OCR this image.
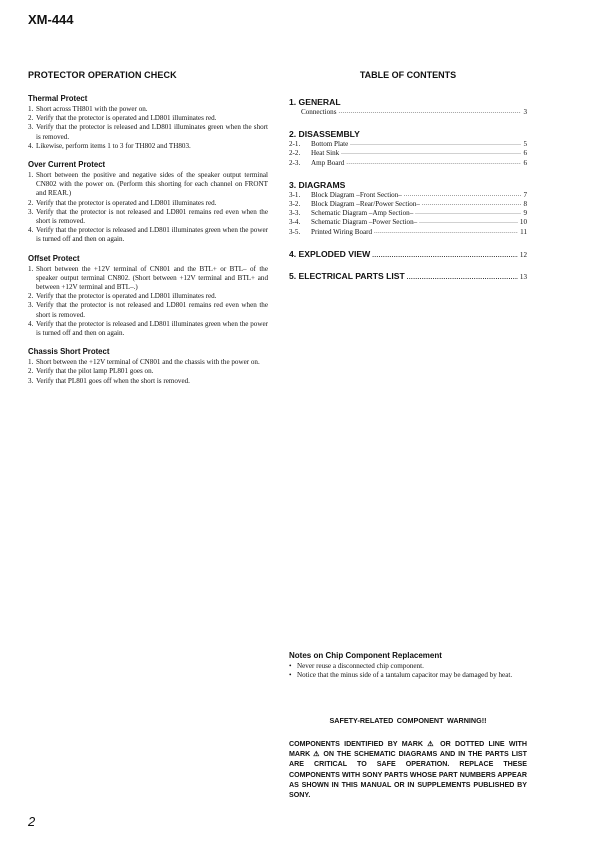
XM-444
PROTECTOR OPERATION CHECK
Thermal Protect
1. Short across TH801 with the power on.
2. Verify that the protector is operated and LD801 illuminates red.
3. Verify that the protector is released and LD801 illuminates green when the short is removed.
4. Likewise, perform items 1 to 3 for TH802 and TH803.
Over Current Protect
1. Short between the positive and negative sides of the speaker output terminal CN802 with the power on. (Perform this shorting for each channel on FRONT and REAR.)
2. Verify that the protector is operated and LD801 illuminates red.
3. Verify that the protector is not released and LD801 remains red even when the short is removed.
4. Verify that the protector is released and LD801 illuminates green when the power is turned off and then on again.
Offset Protect
1. Short between the +12V terminal of CN801 and the BTL+ or BTL– of the speaker output terminal CN802. (Short between +12V terminal and BTL+ and between +12V terminal and BTL–.)
2. Verify that the protector is operated and LD801 illuminates red.
3. Verify that the protector is not released and LD801 remains red even when the short is removed.
4. Verify that the protector is released and LD801 illuminates green when the power is turned off and then on again.
Chassis Short Protect
1. Short between the +12V terminal of CN801 and the chassis with the power on.
2. Verify that the pilot lamp PL801 goes on.
3. Verify that PL801 goes off when the short is removed.
TABLE OF CONTENTS
1. GENERAL
Connections .....	3
2. DISASSEMBLY
2-1.	Bottom Plate .....	5
2-2.	Heat Sink .....	6
2-3.	Amp Board .....	6
3. DIAGRAMS
3-1.	Block Diagram –Front Section– .....	7
3-2.	Block Diagram –Rear/Power Section– .....	8
3-3.	Schematic Diagram –Amp Section– .....	9
3-4.	Schematic Diagram –Power Section– .....	10
3-5.	Printed Wiring Board .....	11
4. EXPLODED VIEW .....	12
5. ELECTRICAL PARTS LIST .....	13
Notes on Chip Component Replacement
• Never reuse a disconnected chip component.
• Notice that the minus side of a tantalum capacitor may be damaged by heat.
SAFETY-RELATED COMPONENT WARNING!!
COMPONENTS IDENTIFIED BY MARK ⚠ OR DOTTED LINE WITH MARK ⚠ ON THE SCHEMATIC DIAGRAMS AND IN THE PARTS LIST ARE CRITICAL TO SAFE OPERATION. REPLACE THESE COMPONENTS WITH SONY PARTS WHOSE PART NUMBERS APPEAR AS SHOWN IN THIS MANUAL OR IN SUPPLEMENTS PUBLISHED BY SONY.
2
